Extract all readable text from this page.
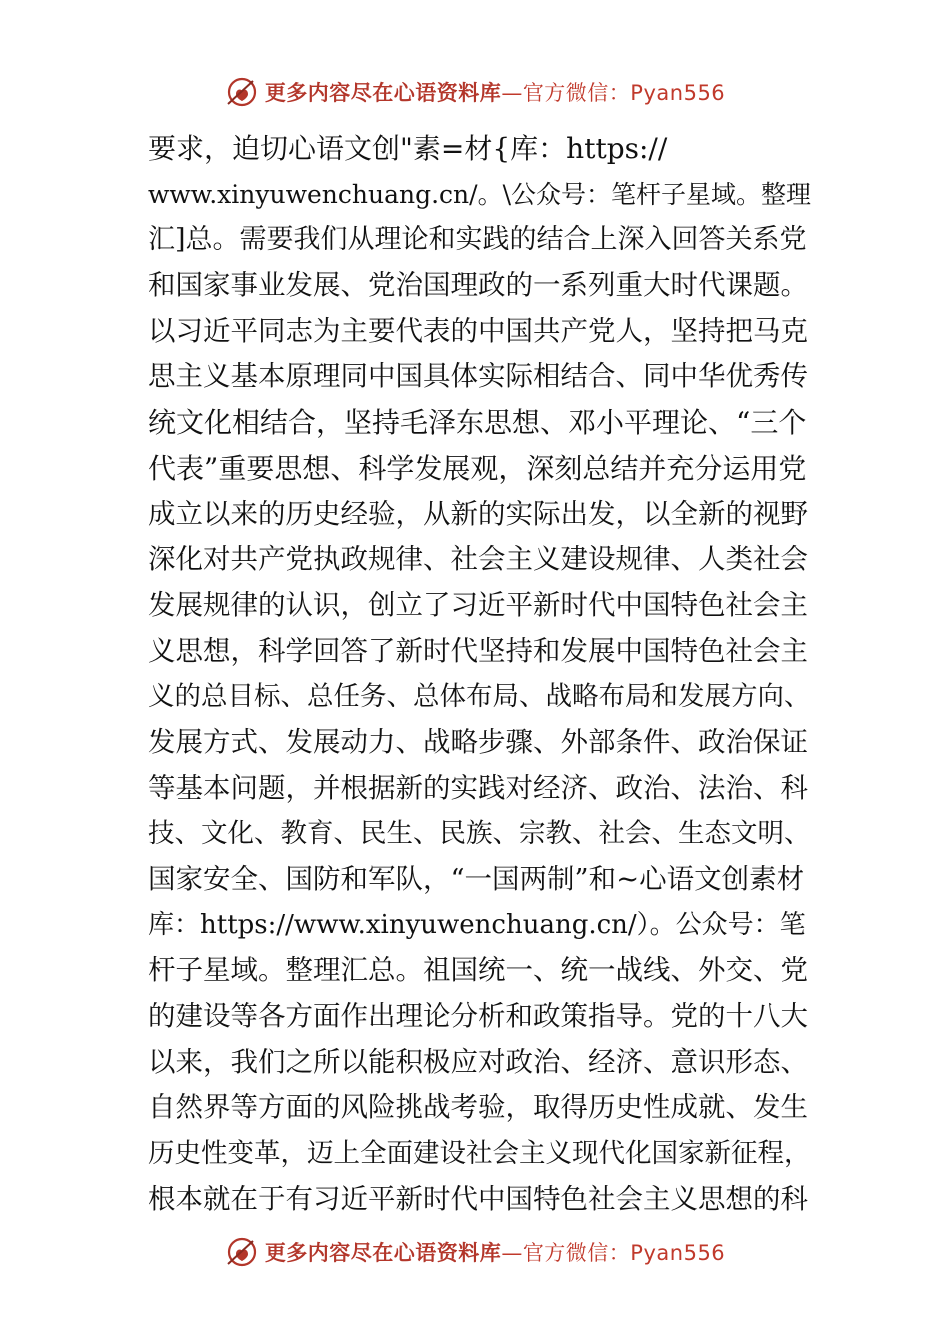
更多内容尽在心语资料库—官方微信：Pyan556
要求，迫切心语文创"素=材{库：https://
www.xinyuwenchuang.cn/。\公众号：笔杆子星域。整理
汇]总。需要我们从理论和实践的结合上深入回答关系党
和国家事业发展、党治国理政的一系列重大时代课题。
以习近平同志为主要代表的中国共产党人，坚持把马克
思主义基本原理同中国具体实际相结合、同中华优秀传
统文化相结合，坚持毛泽东思想、邓小平理论、“三个
代表”重要思想、科学发展观，深刻总结并充分运用党
成立以来的历史经验，从新的实际出发，以全新的视野
深化对共产党执政规律、社会主义建设规律、人类社会
发展规律的认识，创立了习近平新时代中国特色社会主
义思想，科学回答了新时代坚持和发展中国特色社会主
义的总目标、总任务、总体布局、战略布局和发展方向、
发展方式、发展动力、战略步骤、外部条件、政治保证
等基本问题，并根据新的实践对经济、政治、法治、科
技、文化、教育、民生、民族、宗教、社会、生态文明、
国家安全、国防和军队，“一国两制”和~心语文创素材
库：https://www.xinyuwenchuang.cn/）。公众号：笔
杆子星域。整理汇总。祖国统一、统一战线、外交、党
的建设等各方面作出理论分析和政策指导。党的十八大
以来，我们之所以能积极应对政治、经济、意识形态、
自然界等方面的风险挑战考验，取得历史性成就、发生
历史性变革，迈上全面建设社会主义现代化国家新征程，
根本就在于有习近平新时代中国特色社会主义思想的科
更多内容尽在心语资料库—官方微信：Pyan556
